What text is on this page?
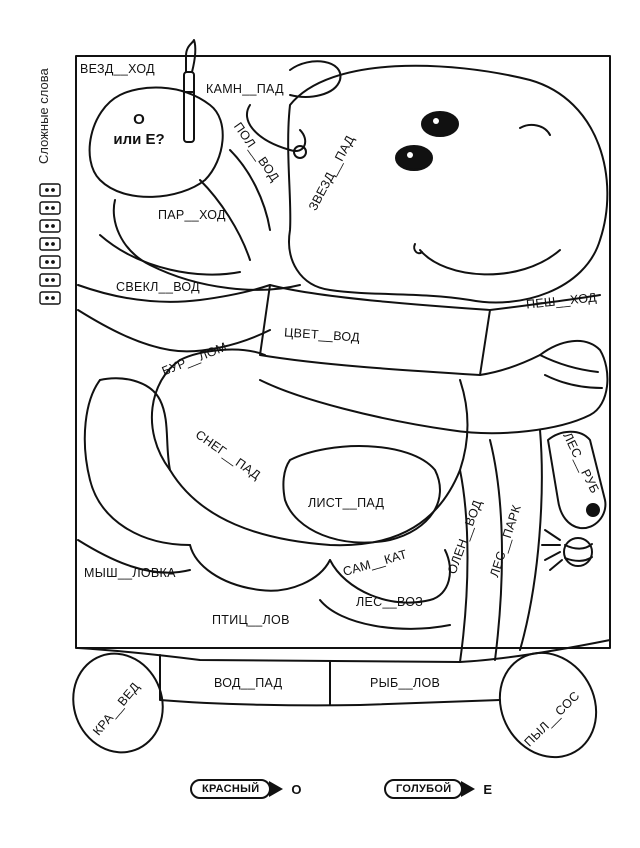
Сложные слова	О
или Е?
ВЕЗД__ХОД
КАМН__ПАД
ПОЛ__ВОД ЗВЕЗД__ПАД
ПАР__ХОД
СВЕКЛ__ВОД
ЦВЕТ__ВОД
ПЕШ__ХОД
БУР__ЛОМ
СНЕГ__ПАД	ЛЕС__РУБ
ЛИСТ__ПАД	ОЛЕН__ВОД ЛЕС__ПАРК
САМ__КАТ
МЫШ__ЛОВКА
ЛЕС__ВОЗ
ПТИЦ__ЛОВ
ВОД__ПАД	РЫБ__ЛОВ
КРА__ВЕД	ПЫЛ__СОС
КРАСНЫЙ	О	ГОЛУБОЙ	Е
